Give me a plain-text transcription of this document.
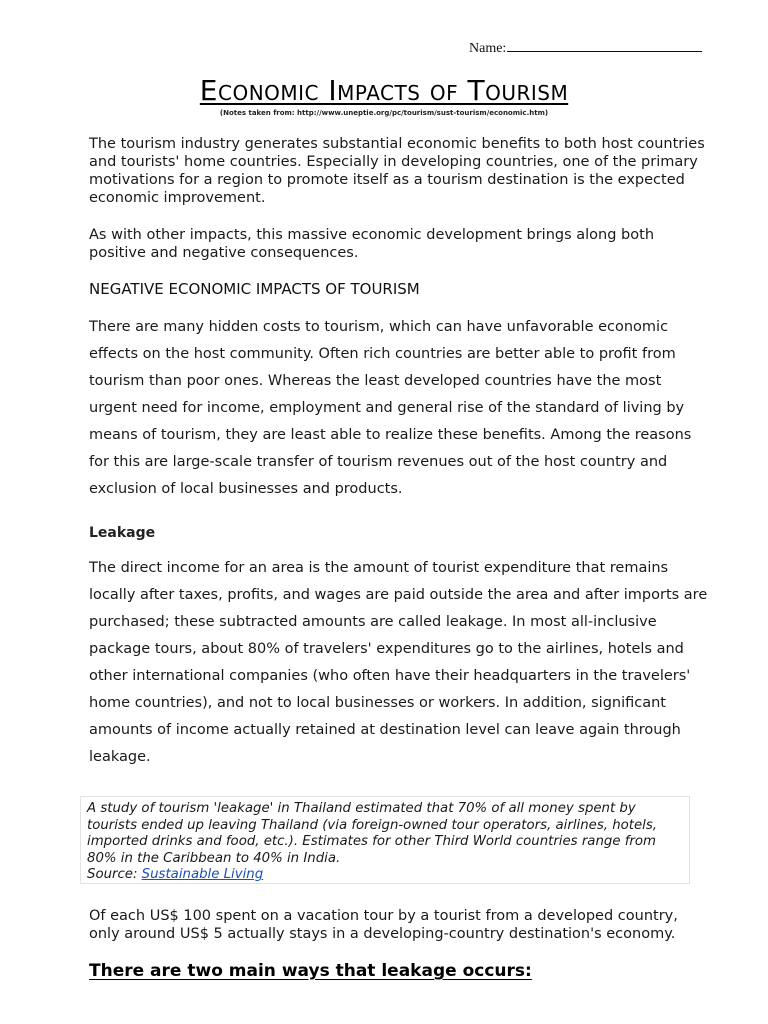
Name:
Economic Impacts of Tourism
(Notes taken from: http://www.uneptie.org/pc/tourism/sust-tourism/economic.htm)

The tourism industry generates substantial economic benefits to both host countries and tourists' home countries. Especially in developing countries, one of the primary motivations for a region to promote itself as a tourism destination is the expected economic improvement.

As with other impacts, this massive economic development brings along both positive and negative consequences.

NEGATIVE ECONOMIC IMPACTS OF TOURISM

There are many hidden costs to tourism, which can have unfavorable economic effects on the host community. Often rich countries are better able to profit from tourism than poor ones. Whereas the least developed countries have the most urgent need for income, employment and general rise of the standard of living by means of tourism, they are least able to realize these benefits. Among the reasons for this are large-scale transfer of tourism revenues out of the host country and exclusion of local businesses and products.

Leakage

The direct income for an area is the amount of tourist expenditure that remains locally after taxes, profits, and wages are paid outside the area and after imports are purchased; these subtracted amounts are called leakage. In most all-inclusive package tours, about 80% of travelers' expenditures go to the airlines, hotels and other international companies (who often have their headquarters in the travelers' home countries), and not to local businesses or workers. In addition, significant amounts of income actually retained at destination level can leave again through leakage.

A study of tourism 'leakage' in Thailand estimated that 70% of all money spent by tourists ended up leaving Thailand (via foreign-owned tour operators, airlines, hotels, imported drinks and food, etc.). Estimates for other Third World countries range from 80% in the Caribbean to 40% in India.
Source: Sustainable Living

Of each US$ 100 spent on a vacation tour by a tourist from a developed country, only around US$ 5 actually stays in a developing-country destination's economy.

There are two main ways that leakage occurs:
